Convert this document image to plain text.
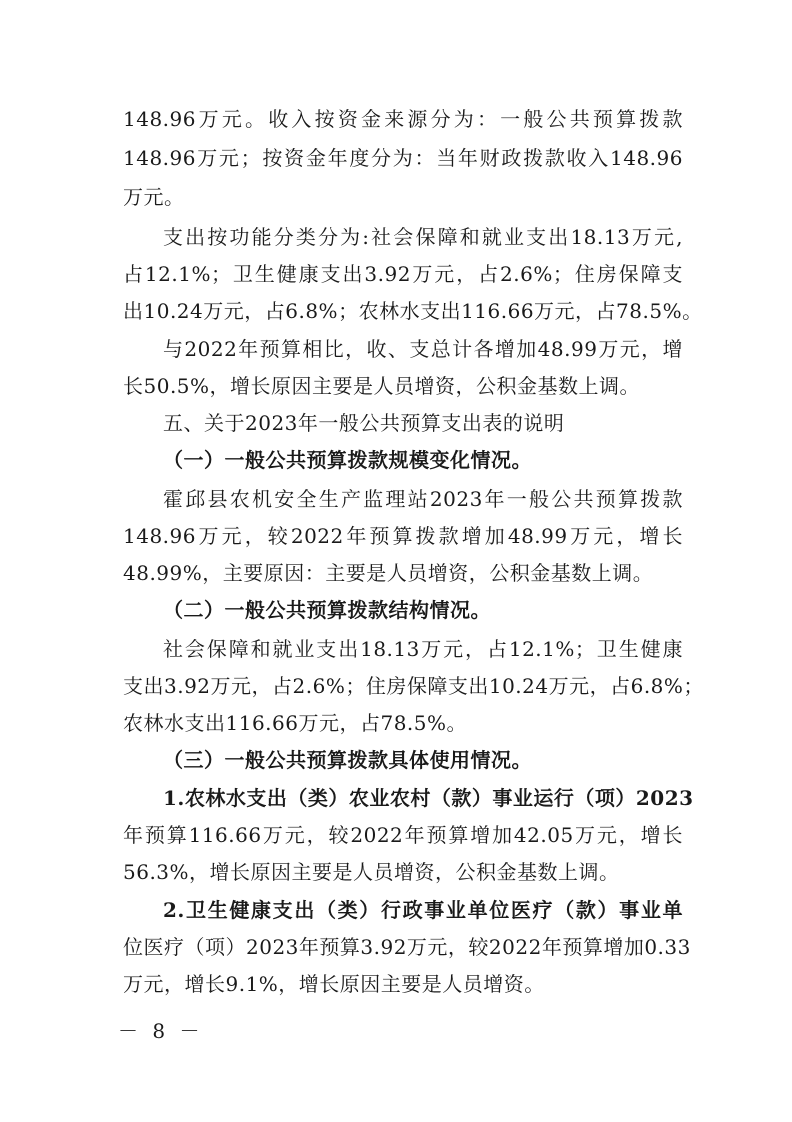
148.96万元。收入按资金来源分为：一般公共预算拨款
148.96万元；按资金年度分为：当年财政拨款收入148.96
万元。
支出按功能分类分为:社会保障和就业支出18.13万元,
占12.1%；卫生健康支出3.92万元，占2.6%；住房保障支
出10.24万元，占6.8%；农林水支出116.66万元，占78.5%。
与2022年预算相比，收、支总计各增加48.99万元，增
长50.5%，增长原因主要是人员增资，公积金基数上调。
五、关于2023年一般公共预算支出表的说明
（一）一般公共预算拨款规模变化情况。
霍邱县农机安全生产监理站2023年一般公共预算拨款
148.96万元，较2022年预算拨款增加48.99万元，增长
48.99%，主要原因：主要是人员增资，公积金基数上调。
（二）一般公共预算拨款结构情况。
社会保障和就业支出18.13万元，占12.1%；卫生健康
支出3.92万元，占2.6%；住房保障支出10.24万元，占6.8%；
农林水支出116.66万元，占78.5%。
（三）一般公共预算拨款具体使用情况。
1.农林水支出（类）农业农村（款）事业运行（项）2023
年预算116.66万元，较2022年预算增加42.05万元，增长
56.3%，增长原因主要是人员增资，公积金基数上调。
2.卫生健康支出（类）行政事业单位医疗（款）事业单
位医疗（项）2023年预算3.92万元，较2022年预算增加0.33
万元，增长9.1%，增长原因主要是人员增资。
－ 8 －
